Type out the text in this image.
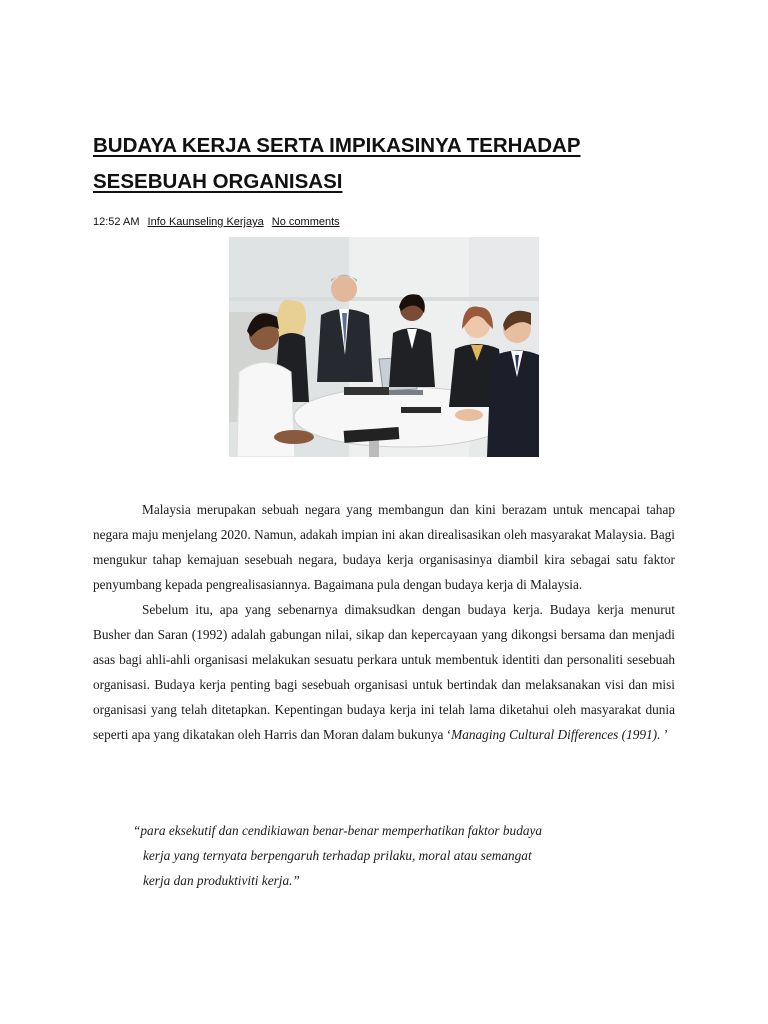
BUDAYA KERJA SERTA IMPIKASINYA TERHADAP
SESEBUAH ORGANISASI
12:52 AM Info Kaunseling Kerjaya No comments

Malaysia merupakan sebuah negara yang membangun dan kini berazam untuk mencapai tahap negara maju menjelang 2020. Namun, adakah impian ini akan direalisasikan oleh masyarakat Malaysia. Bagi mengukur tahap kemajuan sesebuah negara, budaya kerja organisasinya diambil kira sebagai satu faktor penyumbang kepada pengrealisasiannya. Bagaimana pula dengan budaya kerja di Malaysia.

Sebelum itu, apa yang sebenarnya dimaksudkan dengan budaya kerja. Budaya kerja menurut Busher dan Saran (1992) adalah gabungan nilai, sikap dan kepercayaan yang dikongsi bersama dan menjadi asas bagi ahli-ahli organisasi melakukan sesuatu perkara untuk membentuk identiti dan personaliti sesebuah organisasi. Budaya kerja penting bagi sesebuah organisasi untuk bertindak dan melaksanakan visi dan misi organisasi yang telah ditetapkan. Kepentingan budaya kerja ini telah lama diketahui oleh masyarakat dunia seperti apa yang dikatakan oleh Harris dan Moran dalam bukunya ‘Managing Cultural Differences (1991). ’

“para eksekutif dan cendikiawan benar-benar memperhatikan faktor budaya
kerja yang ternyata berpengaruh terhadap prilaku, moral atau semangat
kerja dan produktiviti kerja.”
